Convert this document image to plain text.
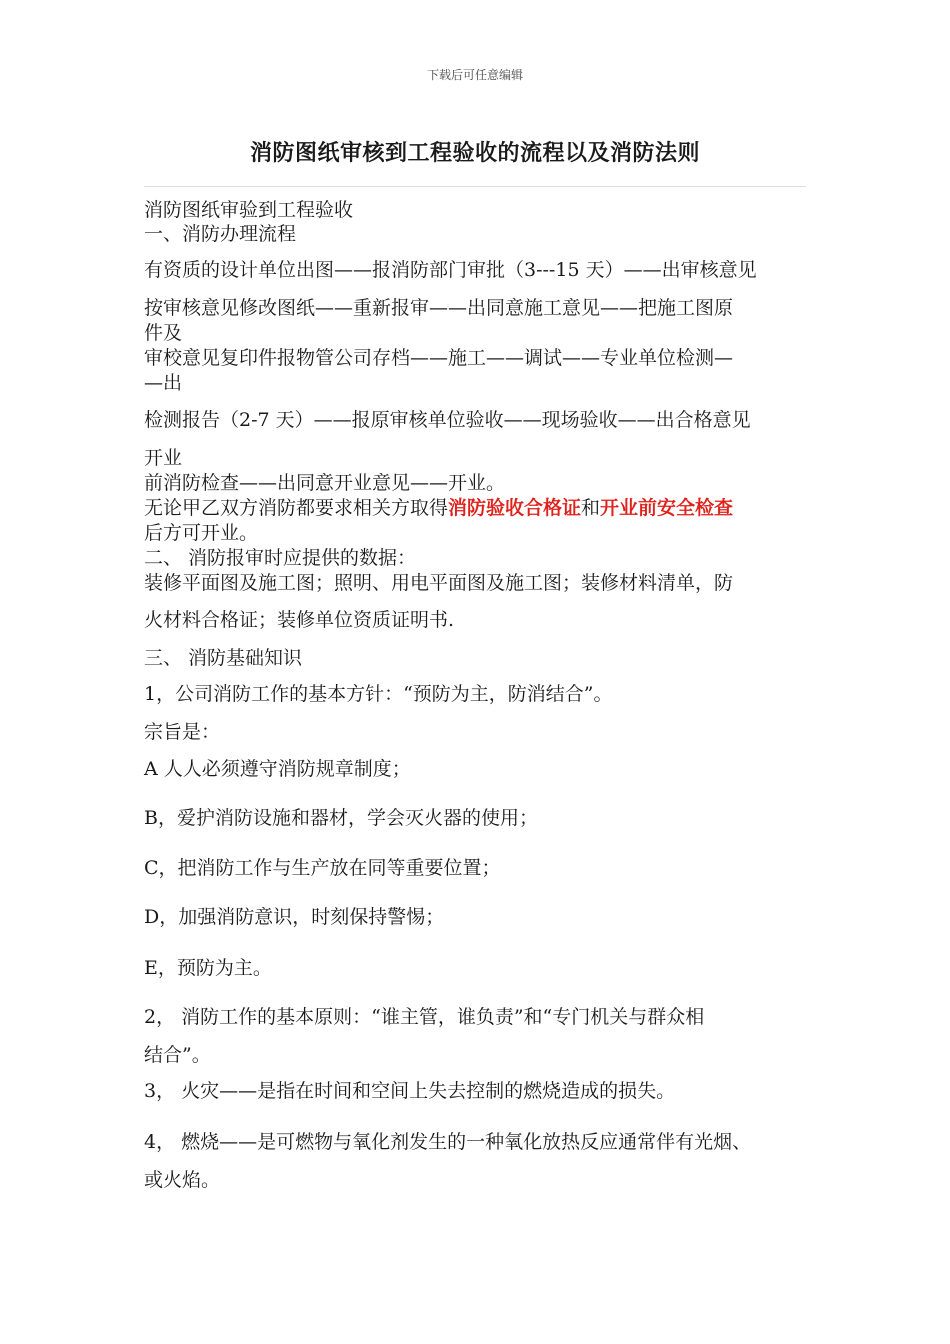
下载后可任意编辑
消防图纸审核到工程验收的流程以及消防法则
消防图纸审验到工程验收
一、消防办理流程
有资质的设计单位出图——报消防部门审批（3---15 天）——出审核意见
按审核意见修改图纸——重新报审——出同意施工意见——把施工图原
件及
审校意见复印件报物管公司存档——施工——调试——专业单位检测—
—出
检测报告（2-7 天）——报原审核单位验收——现场验收——出合格意见
开业
前消防检查——出同意开业意见——开业。
无论甲乙双方消防都要求相关方取得消防验收合格证和开业前安全检查
后方可开业。
二、 消防报审时应提供的数据：
装修平面图及施工图；照明、用电平面图及施工图；装修材料清单，防
火材料合格证；装修单位资质证明书.
三、 消防基础知识
1，公司消防工作的基本方针：“预防为主，防消结合”。
宗旨是：
A 人人必须遵守消防规章制度；
B，爱护消防设施和器材，学会灭火器的使用；
C，把消防工作与生产放在同等重要位置；
D，加强消防意识，时刻保持警惕；
E，预防为主。
2， 消防工作的基本原则：“谁主管，谁负责”和“专门机关与群众相
结合”。
3， 火灾——是指在时间和空间上失去控制的燃烧造成的损失。
4， 燃烧——是可燃物与氧化剂发生的一种氧化放热反应通常伴有光烟、
或火焰。
